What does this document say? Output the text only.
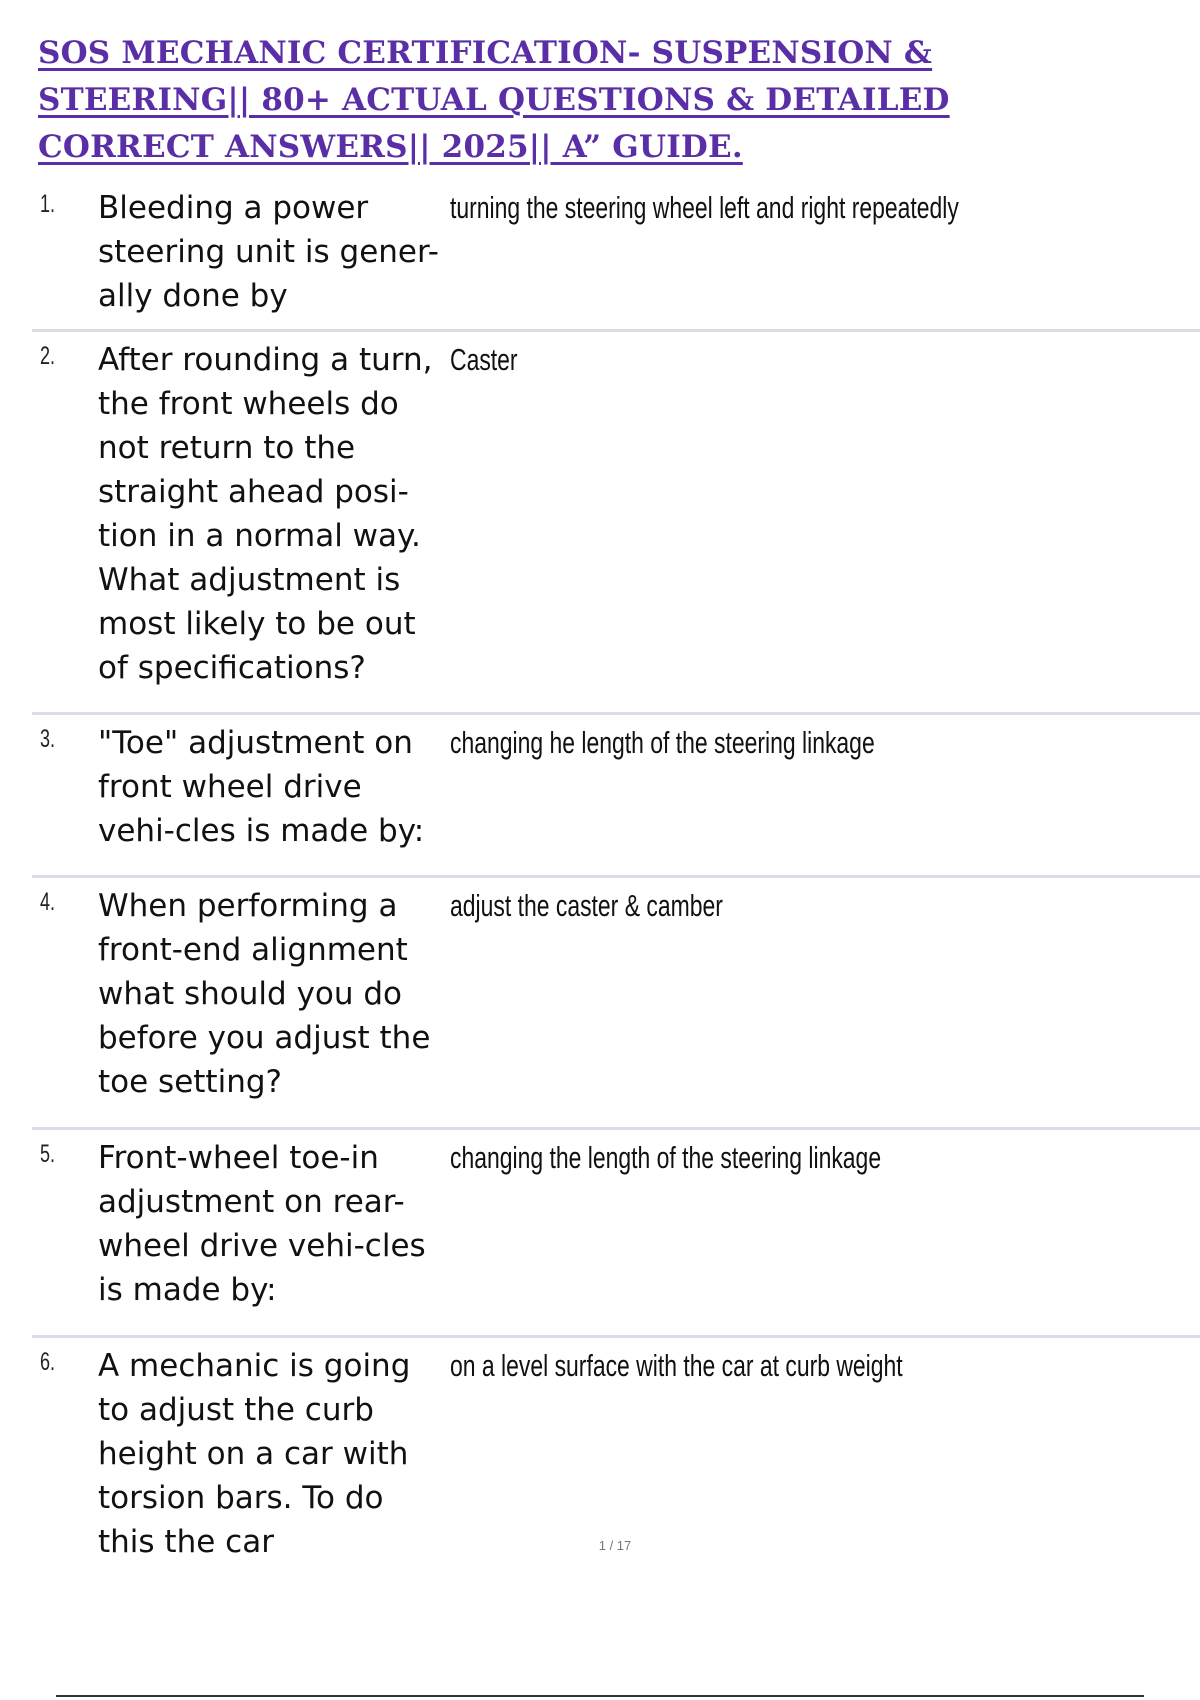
SOS MECHANIC CERTIFICATION- SUSPENSION &
STEERING|| 80+ ACTUAL QUESTIONS & DETAILED
CORRECT ANSWERS|| 2025|| A” GUIDE.
1. Bleeding a power steering unit is gener-ally done by
turning the steering wheel left and right repeatedly
2. After rounding a turn, the front wheels do not return to the straight ahead posi-tion in a normal way. What adjustment is most likely to be out of specifications?
Caster
3. "Toe" adjustment on front wheel drive vehi-cles is made by:
changing he length of the steering linkage
4. When performing a front-end alignment what should you do before you adjust the toe setting?
adjust the caster & camber
5. Front-wheel toe-in adjustment on rear-wheel drive vehi-cles is made by:
changing the length of the steering linkage
6. A mechanic is going to adjust the curb height on a car with torsion bars. To do this the car
on a level surface with the car at curb weight
1 / 17
